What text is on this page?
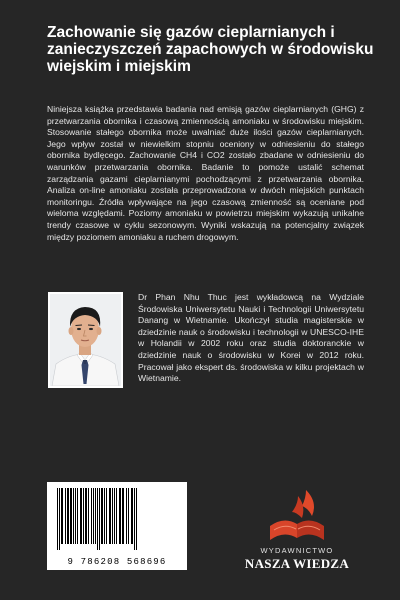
Zachowanie się gazów cieplarnianych i zanieczyszczeń zapachowych w środowisku wiejskim i miejskim
Niniejsza książka przedstawia badania nad emisją gazów cieplarnianych (GHG) z przetwarzania obornika i czasową zmiennością amoniaku w środowisku miejskim. Stosowanie stałego obornika może uwalniać duże ilości gazów cieplarnianych. Jego wpływ został w niewielkim stopniu oceniony w odniesieniu do stałego obornika bydlęcego. Zachowanie CH4 i CO2 zostało zbadane w odniesieniu do warunków przetwarzania obornika. Badanie to pomoże ustalić schemat zarządzania gazami cieplarnianymi pochodzącymi z przetwarzania obornika. Analiza on-line amoniaku została przeprowadzona w dwóch miejskich punktach monitoringu. Źródła wpływające na jego czasową zmienność są oceniane pod wieloma względami. Poziomy amoniaku w powietrzu miejskim wykazują unikalne trendy czasowe w cyklu sezonowym. Wyniki wskazują na potencjalny związek między poziomem amoniaku a ruchem drogowym.
Dr Phan Nhu Thuc jest wykładowcą na Wydziale Środowiska Uniwersytetu Nauki i Technologii Uniwersytetu Danang w Wietnamie. Ukończył studia magisterskie w dziedzinie nauk o środowisku i technologii w UNESCO-IHE w Holandii w 2002 roku oraz studia doktoranckie w dziedzinie nauk o środowisku w Korei w 2012 roku. Pracował jako ekspert ds. środowiska w kilku projektach w Wietnamie.
9 786208 568696
WYDAWNICTWO
NASZA WIEDZA
